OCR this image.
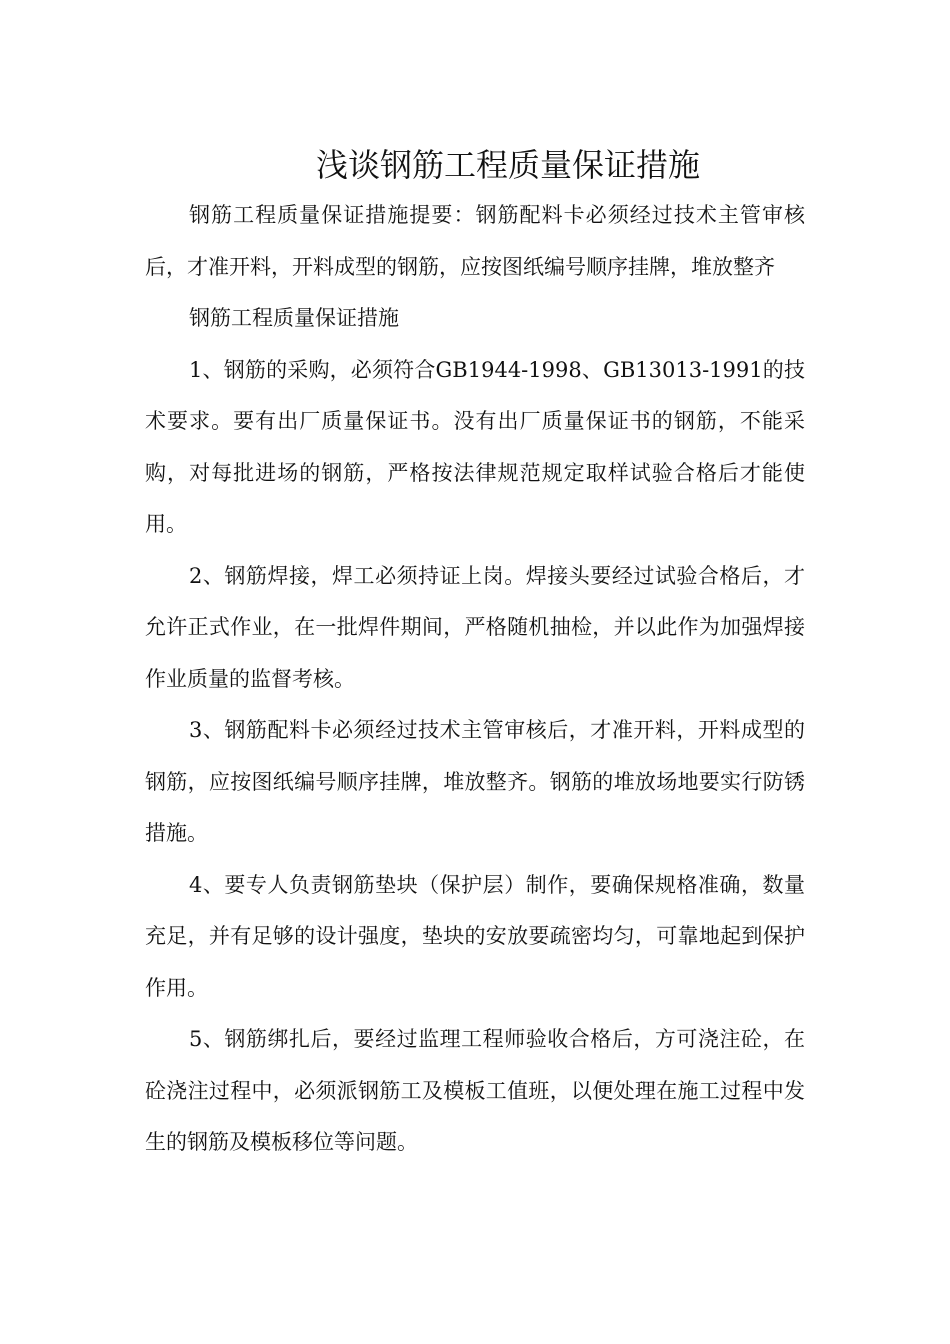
浅谈钢筋工程质量保证措施

钢筋工程质量保证措施提要：钢筋配料卡必须经过技术主管审核后，才准开料，开料成型的钢筋，应按图纸编号顺序挂牌，堆放整齐

钢筋工程质量保证措施

1、钢筋的采购，必须符合GB1944-1998、GB13013-1991的技术要求。要有出厂质量保证书。没有出厂质量保证书的钢筋，不能采购，对每批进场的钢筋，严格按法律规范规定取样试验合格后才能使用。

2、钢筋焊接，焊工必须持证上岗。焊接头要经过试验合格后，才允许正式作业，在一批焊件期间，严格随机抽检，并以此作为加强焊接作业质量的监督考核。

3、钢筋配料卡必须经过技术主管审核后，才准开料，开料成型的钢筋，应按图纸编号顺序挂牌，堆放整齐。钢筋的堆放场地要实行防锈措施。

4、要专人负责钢筋垫块（保护层）制作，要确保规格准确，数量充足，并有足够的设计强度，垫块的安放要疏密均匀，可靠地起到保护作用。

5、钢筋绑扎后，要经过监理工程师验收合格后，方可浇注砼，在砼浇注过程中，必须派钢筋工及模板工值班，以便处理在施工过程中发生的钢筋及模板移位等问题。
